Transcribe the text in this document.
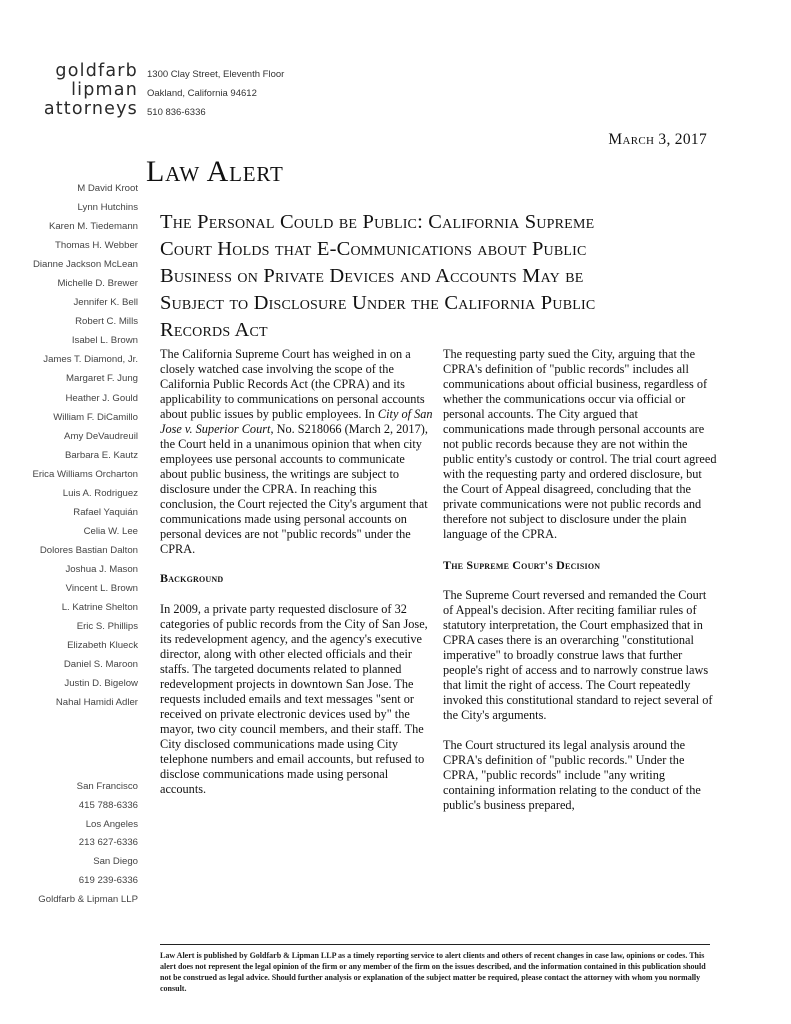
goldfarb
lipman
attorneys
1300 Clay Street, Eleventh Floor
Oakland, California 94612
510 836-6336
March 3, 2017
Law Alert
The Personal Could be Public: California Supreme
Court Holds that E-Communications about Public
Business on Private Devices and Accounts May be
Subject to Disclosure Under the California Public
Records Act
M David Kroot
Lynn Hutchins
Karen M. Tiedemann
Thomas H. Webber
Dianne Jackson McLean
Michelle D. Brewer
Jennifer K. Bell
Robert C. Mills
Isabel L. Brown
James T. Diamond, Jr.
Margaret F. Jung
Heather J. Gould
William F. DiCamillo
Amy DeVaudreuil
Barbara E. Kautz
Erica Williams Orcharton
Luis A. Rodriguez
Rafael Yaquián
Celia W. Lee
Dolores Bastian Dalton
Joshua J. Mason
Vincent L. Brown
L. Katrine Shelton
Eric S. Phillips
Elizabeth Klueck
Daniel S. Maroon
Justin D. Bigelow
Nahal Hamidi Adler
San Francisco
415 788-6336
Los Angeles
213 627-6336
San Diego
619 239-6336
Goldfarb & Lipman LLP

The California Supreme Court has weighed in on a closely watched case involving the scope of the California Public Records Act (the CPRA) and its applicability to communications on personal accounts about public issues by public employees. In City of San Jose v. Superior Court, No. S218066 (March 2, 2017), the Court held in a unanimous opinion that when city employees use personal accounts to communicate about public business, the writings are subject to disclosure under the CPRA. In reaching this conclusion, the Court rejected the City's argument that communications made using personal accounts on personal devices are not "public records" under the CPRA.

Background

In 2009, a private party requested disclosure of 32 categories of public records from the City of San Jose, its redevelopment agency, and the agency's executive director, along with other elected officials and their staffs. The targeted documents related to planned redevelopment projects in downtown San Jose. The requests included emails and text messages "sent or received on private electronic devices used by" the mayor, two city council members, and their staff. The City disclosed communications made using City telephone numbers and email accounts, but refused to disclose communications made using personal accounts.

The requesting party sued the City, arguing that the CPRA's definition of "public records" includes all communications about official business, regardless of whether the communications occur via official or personal accounts. The City argued that communications made through personal accounts are not public records because they are not within the public entity's custody or control. The trial court agreed with the requesting party and ordered disclosure, but the Court of Appeal disagreed, concluding that the private communications were not public records and therefore not subject to disclosure under the plain language of the CPRA.

The Supreme Court's Decision

The Supreme Court reversed and remanded the Court of Appeal's decision. After reciting familiar rules of statutory interpretation, the Court emphasized that in CPRA cases there is an overarching "constitutional imperative" to broadly construe laws that further people's right of access and to narrowly construe laws that limit the right of access. The Court repeatedly invoked this constitutional standard to reject several of the City's arguments.

The Court structured its legal analysis around the CPRA's definition of "public records." Under the CPRA, "public records" include "any writing containing information relating to the conduct of the public's business prepared,

Law Alert is published by Goldfarb & Lipman LLP as a timely reporting service to alert clients and others of recent changes in case law, opinions or codes. This alert does not represent the legal opinion of the firm or any member of the firm on the issues described, and the information contained in this publication should not be construed as legal advice. Should further analysis or explanation of the subject matter be required, please contact the attorney with whom you normally consult.
